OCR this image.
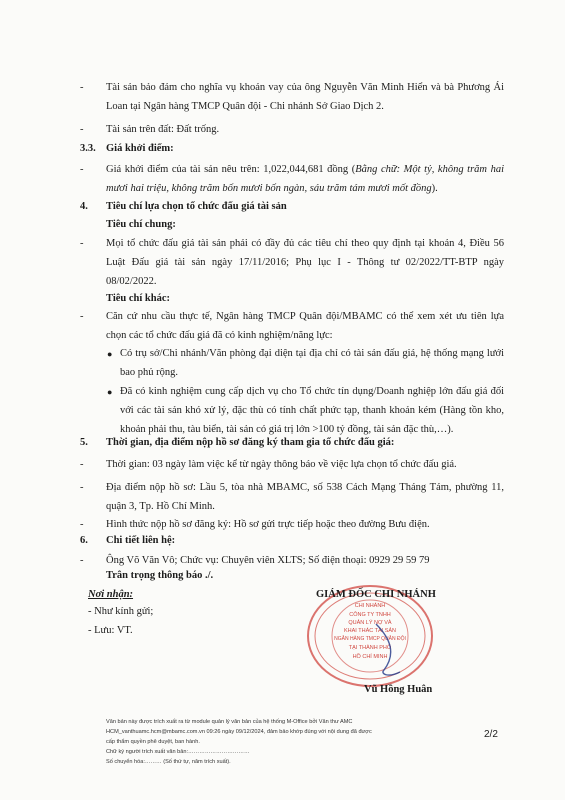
-	Tài sản bảo đảm cho nghĩa vụ khoản vay của ông Nguyễn Văn Minh Hiển và bà Phương Ái Loan tại Ngân hàng TMCP Quân đội - Chi nhánh Sở Giao Dịch 2.
-	Tài sản trên đất: Đất trống.
3.3. Giá khởi điểm:
-	Giá khởi điểm của tài sản nêu trên: 1,022,044,681 đồng (Bằng chữ: Một tỷ, không trăm hai mươi hai triệu, không trăm bốn mươi bốn ngàn, sáu trăm tám mươi mốt đồng).
4. Tiêu chí lựa chọn tổ chức đấu giá tài sản
Tiêu chí chung:
-	Mọi tổ chức đấu giá tài sản phải có đầy đủ các tiêu chí theo quy định tại khoản 4, Điều 56 Luật Đấu giá tài sản ngày 17/11/2016; Phụ lục I - Thông tư 02/2022/TT-BTP ngày 08/02/2022.
Tiêu chí khác:
-	Căn cứ nhu cầu thực tế, Ngân hàng TMCP Quân đội/MBAMC có thể xem xét ưu tiên lựa chọn các tổ chức đấu giá đã có kinh nghiệm/năng lực:
● Có trụ sở/Chi nhánh/Văn phòng đại diện tại địa chỉ có tài sản đấu giá, hệ thống mạng lưới bao phủ rộng.
● Đã có kinh nghiệm cung cấp dịch vụ cho Tổ chức tín dụng/Doanh nghiệp lớn đấu giá đối với các tài sản khó xử lý, đặc thù có tính chất phức tạp, thanh khoản kém (Hàng tồn kho, khoản phải thu, tàu biển, tài sản có giá trị lớn >100 tỷ đồng, tài sản đặc thù,…).
5. Thời gian, địa điểm nộp hồ sơ đăng ký tham gia tổ chức đấu giá:
-	Thời gian: 03 ngày làm việc kể từ ngày thông báo về việc lựa chọn tổ chức đấu giá.
-	Địa điểm nộp hồ sơ: Lầu 5, tòa nhà MBAMC, số 538 Cách Mạng Tháng Tám, phường 11, quận 3, Tp. Hồ Chí Minh.
-	Hình thức nộp hồ sơ đăng ký: Hồ sơ gửi trực tiếp hoặc theo đường Bưu điện.
6. Chi tiết liên hệ:
-	Ông Võ Văn Vô; Chức vụ: Chuyên viên XLTS; Số điện thoại: 0929 29 59 79
Trân trọng thông báo ./.
Nơi nhận:
- Như kính gửi;
- Lưu: VT.
GIÁM ĐỐC CHI NHÁNH
CHI NHÁNH
CÔNG TY TNHH
QUẢN LÝ NỢ VÀ
KHAI THÁC TÀI SẢN
NGÂN HÀNG TMCP QUÂN ĐỘI
TẠI THÀNH PHỐ
HỒ CHÍ MINH
Vũ Hồng Huân
Văn bản này được trích xuất ra từ module quản lý văn bản của hệ thống M-Office bởi Văn thư AMC
HCM_vanthuamc.hcm@mbamc.com.vn 09:26 ngày 09/12/2024, đảm bảo khớp đúng với nội dung đã được
cấp thẩm quyền phê duyệt, ban hành.
Chữ ký người trích xuất văn bản:……………………………
Số chuyển hóa:……… (Số thứ tự, năm trích xuất).
2/2
